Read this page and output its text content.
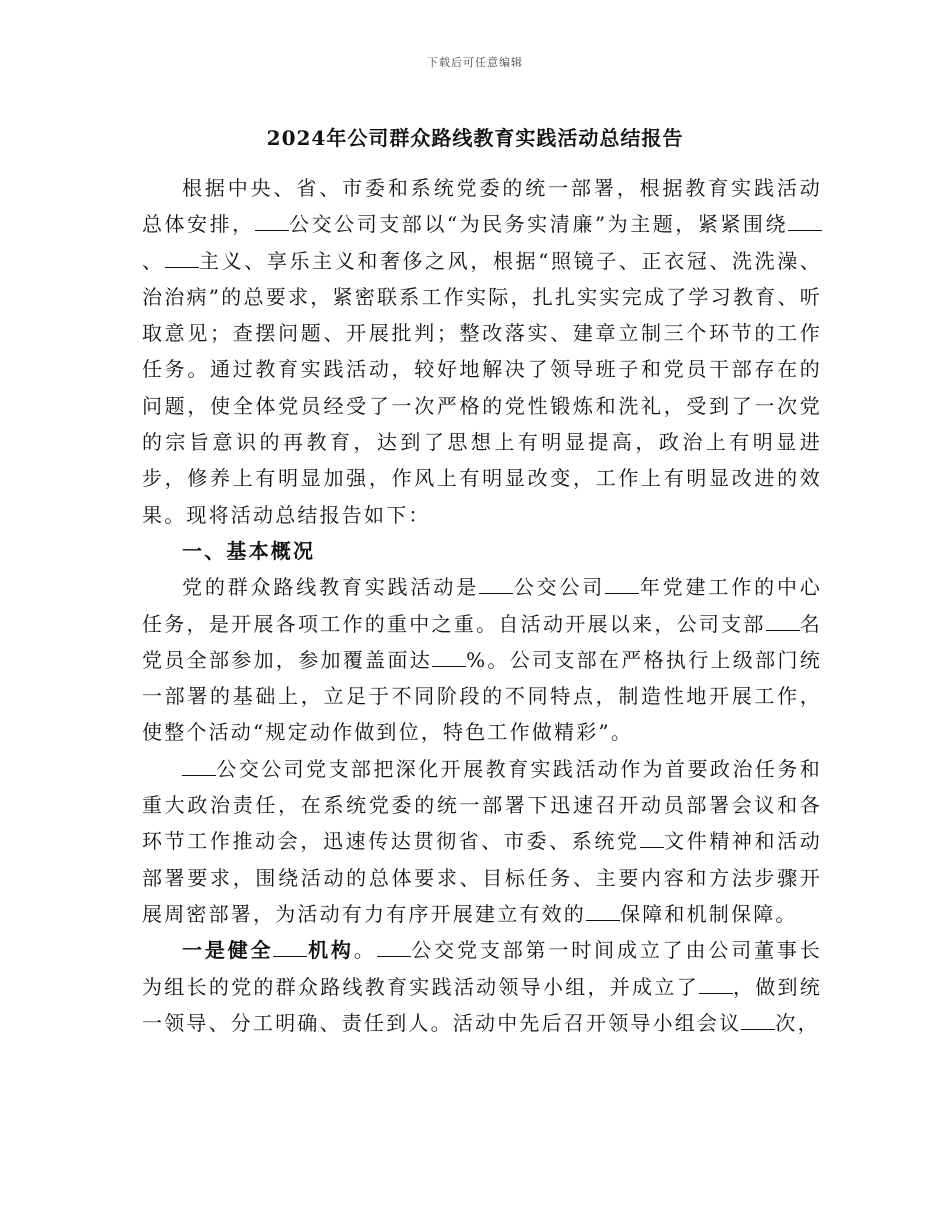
下载后可任意编辑
2024年公司群众路线教育实践活动总结报告

根据中央、省、市委和系统党委的统一部署，根据教育实践活动总体安排， 公交公司支部以“为民务实清廉”为主题，紧紧围绕、 主义、享乐主义和奢侈之风，根据“照镜子、正衣冠、洗洗澡、治治病”的总要求，紧密联系工作实际，扎扎实实完成了学习教育、听取意见；查摆问题、开展批判；整改落实、建章立制三个环节的工作任务。通过教育实践活动，较好地解决了领导班子和党员干部存在的问题，使全体党员经受了一次严格的党性锻炼和洗礼，受到了一次党的宗旨意识的再教育，达到了思想上有明显提高，政治上有明显进步，修养上有明显加强，作风上有明显改变，工作上有明显改进的效果。现将活动总结报告如下：

一、基本概况

党的群众路线教育实践活动是 公交公司 年党建工作的中心任务，是开展各项工作的重中之重。自活动开展以来，公司支部 名党员全部参加，参加覆盖面达 %。公司支部在严格执行上级部门统一部署的基础上，立足于不同阶段的不同特点，制造性地开展工作，使整个活动“规定动作做到位，特色工作做精彩”。

公交公司党支部把深化开展教育实践活动作为首要政治任务和重大政治责任，在系统党委的统一部署下迅速召开动员部署会议和各环节工作推动会，迅速传达贯彻省、市委、系统党 文件精神和活动部署要求，围绕活动的总体要求、目标任务、主要内容和方法步骤开展周密部署，为活动有力有序开展建立有效的 保障和机制保障。

一是健全 机构。 公交党支部第一时间成立了由公司董事长为组长的党的群众路线教育实践活动领导小组，并成立了 ，做到统一领导、分工明确、责任到人。活动中先后召开领导小组会议 次，
